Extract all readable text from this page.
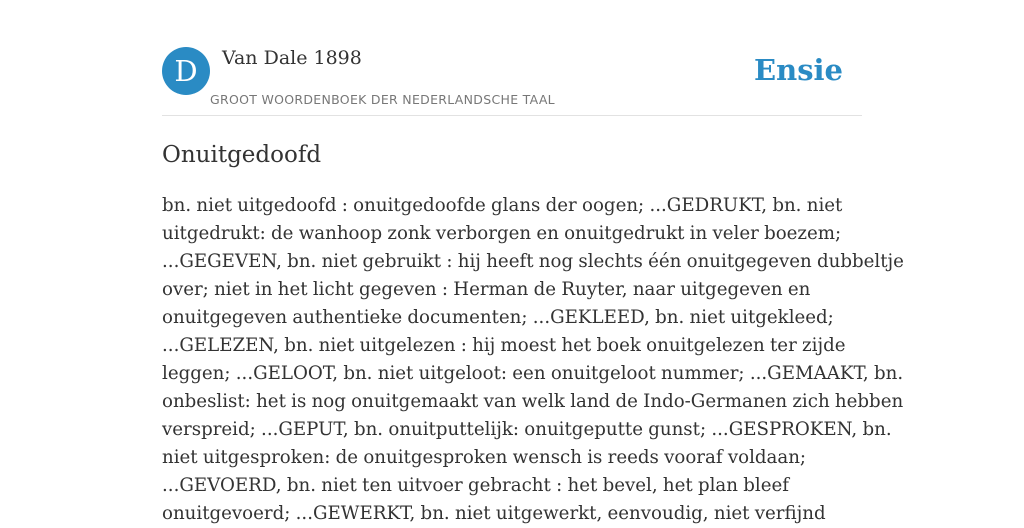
D	Van Dale 1898
GROOT WOORDENBOEK DER NEDERLANDSCHE TAAL
Ensie
Onuitgedoofd
bn. niet uitgedoofd : onuitgedoofde glans der oogen; ...GEDRUKT, bn. niet
uitgedrukt: de wanhoop zonk verborgen en onuitgedrukt in veler boezem;
...GEGEVEN, bn. niet gebruikt : hij heeft nog slechts één onuitgegeven dubbeltje
over; niet in het licht gegeven : Herman de Ruyter, naar uitgegeven en
onuitgegeven authentieke documenten; ...GEKLEED, bn. niet uitgekleed;
...GELEZEN, bn. niet uitgelezen : hij moest het boek onuitgelezen ter zijde
leggen; ...GELOOT, bn. niet uitgeloot: een onuitgeloot nummer; ...GEMAAKT, bn.
onbeslist: het is nog onuitgemaakt van welk land de Indo-Germanen zich hebben
verspreid; ...GEPUT, bn. onuitputtelijk: onuitgeputte gunst; ...GESPROKEN, bn.
niet uitgesproken: de onuitgesproken wensch is reeds vooraf voldaan;
...GEVOERD, bn. niet ten uitvoer gebracht : het bevel, het plan bleef
onuitgevoerd; ...GEWERKT, bn. niet uitgewerkt, eenvoudig, niet verfijnd
